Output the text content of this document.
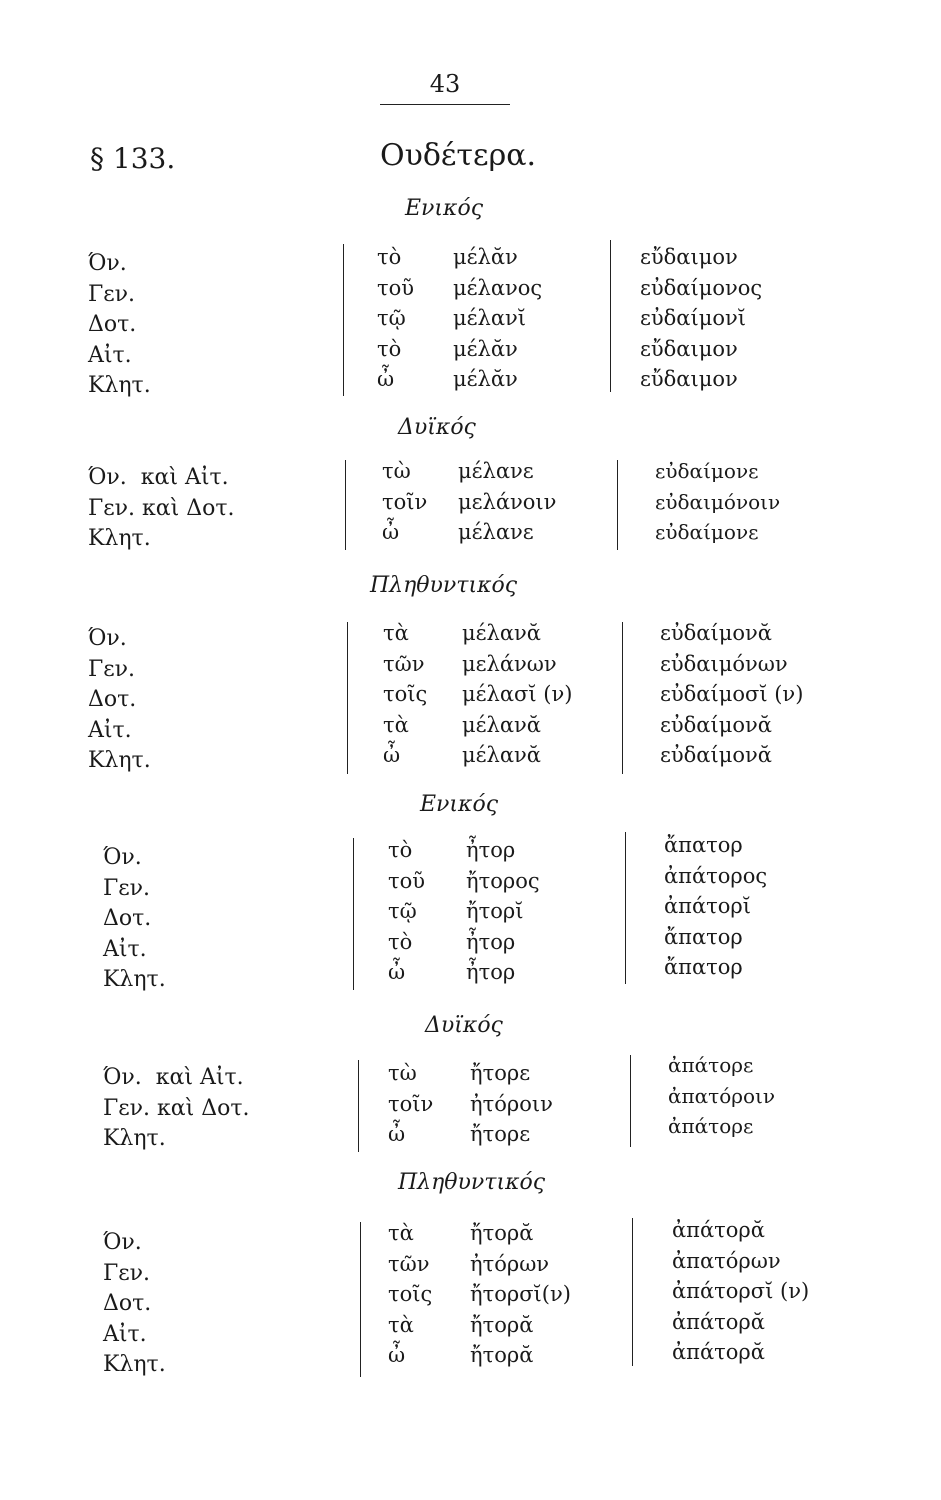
43
§ 133.	Ουδέτερα.
Ενικός
Όν.
Γεν.
Δοτ.
Αἰτ.
Κλητ.
τὸ
τοῦ
τῷ
τὸ
ὦ
μέλᾰν
μέλανος
μέλανῐ
μέλᾰν
μέλᾰν
εὔδαιμον
εὐδαίμονος
εὐδαίμονῐ
εὔδαιμον
εὔδαιμον
Δυϊκός
Όν.  καὶ Αἰτ.
Γεν. καὶ Δοτ.
Κλητ.
τὼ
τοῖν
ὦ
μέλανε
μελάνοιν
μέλανε
εὐδαίμονε
εὐδαιμόνοιν
εὐδαίμονε
Πληθυντικός
Όν.
Γεν.
Δοτ.
Αἰτ.
Κλητ.
τὰ
τῶν
τοῖς
τὰ
ὦ
μέλανᾰ
μελάνων
μέλασῐ (ν)
μέλανᾰ
μέλανᾰ
εὐδαίμονᾰ
εὐδαιμόνων
εὐδαίμοσῐ (ν)
εὐδαίμονᾰ
εὐδαίμονᾰ
Ενικός
Όν.
Γεν.
Δοτ.
Αἰτ.
Κλητ.
τὸ
τοῦ
τῷ
τὸ
ὦ
ἦτορ
ἤτορος
ἤτορῐ
ἦτορ
ἦτορ
ἄπατορ
ἀπάτορος
ἀπάτορῐ
ἄπατορ
ἄπατορ
Δυϊκός
Όν.  καὶ Αἰτ.
Γεν. καὶ Δοτ.
Κλητ.
τὼ
τοῖν
ὦ
ἤτορε
ἠτόροιν
ἤτορε
ἀπάτορε
ἀπατόροιν
ἀπάτορε
Πληθυντικός
Όν.
Γεν.
Δοτ.
Αἰτ.
Κλητ.
τὰ
τῶν
τοῖς
τὰ
ὦ
ἤτορᾰ
ἠτόρων
ἤτορσῐ(ν)
ἤτορᾰ
ἤτορᾰ
ἀπάτορᾰ
ἀπατόρων
ἀπάτορσῐ (ν)
ἀπάτορᾰ
ἀπάτορᾰ
